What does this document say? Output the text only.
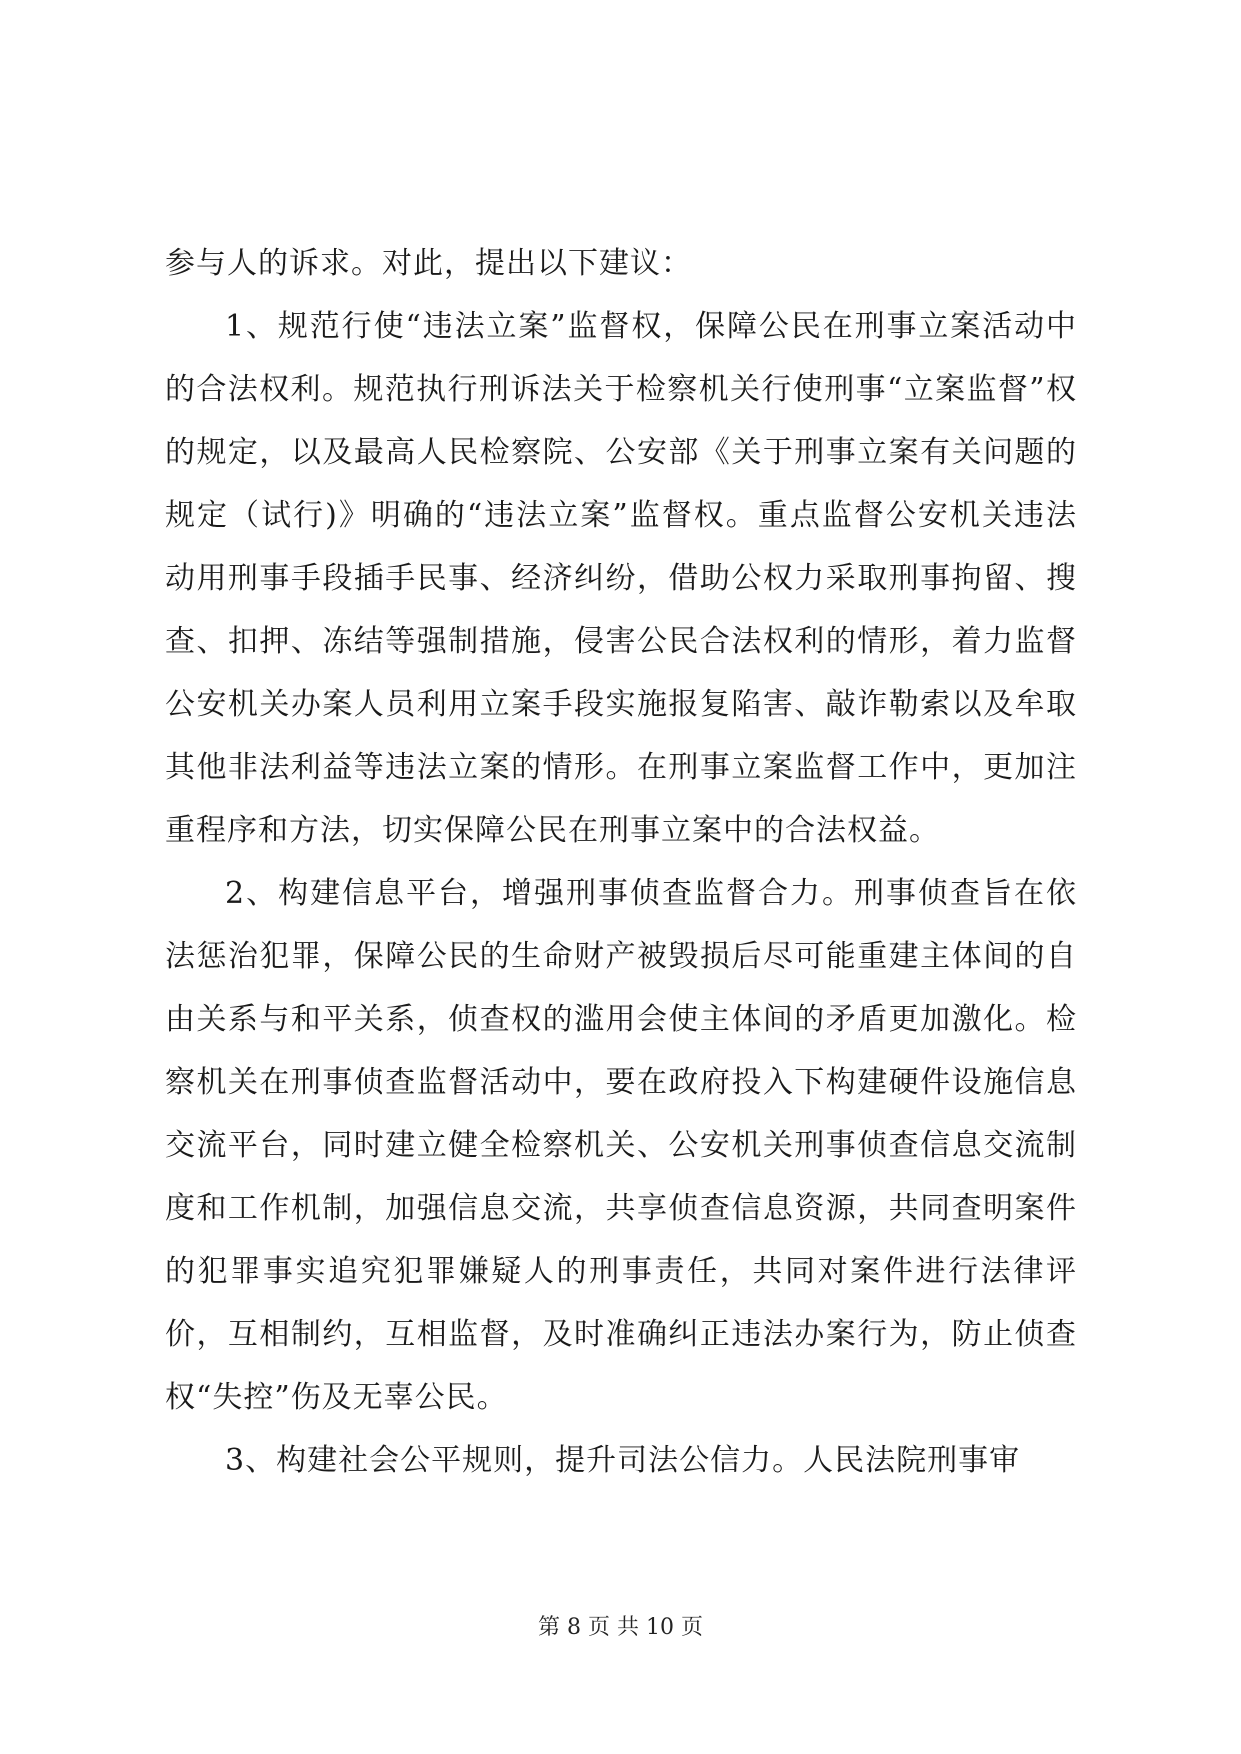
参与人的诉求。对此，提出以下建议：

1、规范行使“违法立案”监督权，保障公民在刑事立案活动中的合法权利。规范执行刑诉法关于检察机关行使刑事“立案监督”权的规定，以及最高人民检察院、公安部《关于刑事立案有关问题的规定（试行)》明确的“违法立案”监督权。重点监督公安机关违法动用刑事手段插手民事、经济纠纷，借助公权力采取刑事拘留、搜查、扣押、冻结等强制措施，侵害公民合法权利的情形，着力监督公安机关办案人员利用立案手段实施报复陷害、敲诈勒索以及牟取其他非法利益等违法立案的情形。在刑事立案监督工作中，更加注重程序和方法，切实保障公民在刑事立案中的合法权益。

2、构建信息平台，增强刑事侦查监督合力。刑事侦查旨在依法惩治犯罪，保障公民的生命财产被毁损后尽可能重建主体间的自由关系与和平关系，侦查权的滥用会使主体间的矛盾更加激化。检察机关在刑事侦查监督活动中，要在政府投入下构建硬件设施信息交流平台，同时建立健全检察机关、公安机关刑事侦查信息交流制度和工作机制，加强信息交流，共享侦查信息资源，共同查明案件的犯罪事实追究犯罪嫌疑人的刑事责任，共同对案件进行法律评价，互相制约，互相监督，及时准确纠正违法办案行为，防止侦查权“失控”伤及无辜公民。

3、构建社会公平规则，提升司法公信力。人民法院刑事审

第 8 页 共 10 页
